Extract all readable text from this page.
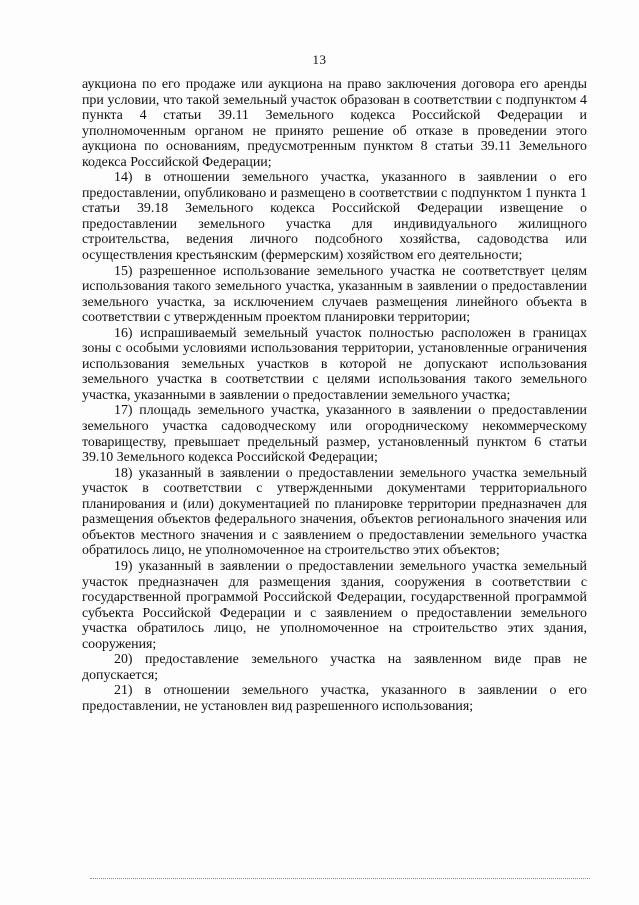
13

аукциона по его продаже или аукциона на право заключения договора его аренды при условии, что такой земельный участок образован в соответствии с подпунктом 4 пункта 4 статьи 39.11 Земельного кодекса Российской Федерации и уполномоченным органом не принято решение об отказе в проведении этого аукциона по основаниям, предусмотренным пунктом 8 статьи 39.11 Земельного кодекса Российской Федерации;

14) в отношении земельного участка, указанного в заявлении о его предоставлении, опубликовано и размещено в соответствии с подпунктом 1 пункта 1 статьи 39.18 Земельного кодекса Российской Федерации извещение о предоставлении земельного участка для индивидуального жилищного строительства, ведения личного подсобного хозяйства, садоводства или осуществления крестьянским (фермерским) хозяйством его деятельности;

15) разрешенное использование земельного участка не соответствует целям использования такого земельного участка, указанным в заявлении о предоставлении земельного участка, за исключением случаев размещения линейного объекта в соответствии с утвержденным проектом планировки территории;

16) испрашиваемый земельный участок полностью расположен в границах зоны с особыми условиями использования территории, установленные ограничения использования земельных участков в которой не допускают использования земельного участка в соответствии с целями использования такого земельного участка, указанными в заявлении о предоставлении земельного участка;

17) площадь земельного участка, указанного в заявлении о предоставлении земельного участка садоводческому или огородническому некоммерческому товариществу, превышает предельный размер, установленный пунктом 6 статьи 39.10 Земельного кодекса Российской Федерации;

18) указанный в заявлении о предоставлении земельного участка земельный участок в соответствии с утвержденными документами территориального планирования и (или) документацией по планировке территории предназначен для размещения объектов федерального значения, объектов регионального значения или объектов местного значения и с заявлением о предоставлении земельного участка обратилось лицо, не уполномоченное на строительство этих объектов;

19) указанный в заявлении о предоставлении земельного участка земельный участок предназначен для размещения здания, сооружения в соответствии с государственной программой Российской Федерации, государственной программой субъекта Российской Федерации и с заявлением о предоставлении земельного участка обратилось лицо, не уполномоченное на строительство этих здания, сооружения;

20) предоставление земельного участка на заявленном виде прав не допускается;

21) в отношении земельного участка, указанного в заявлении о его предоставлении, не установлен вид разрешенного использования;
